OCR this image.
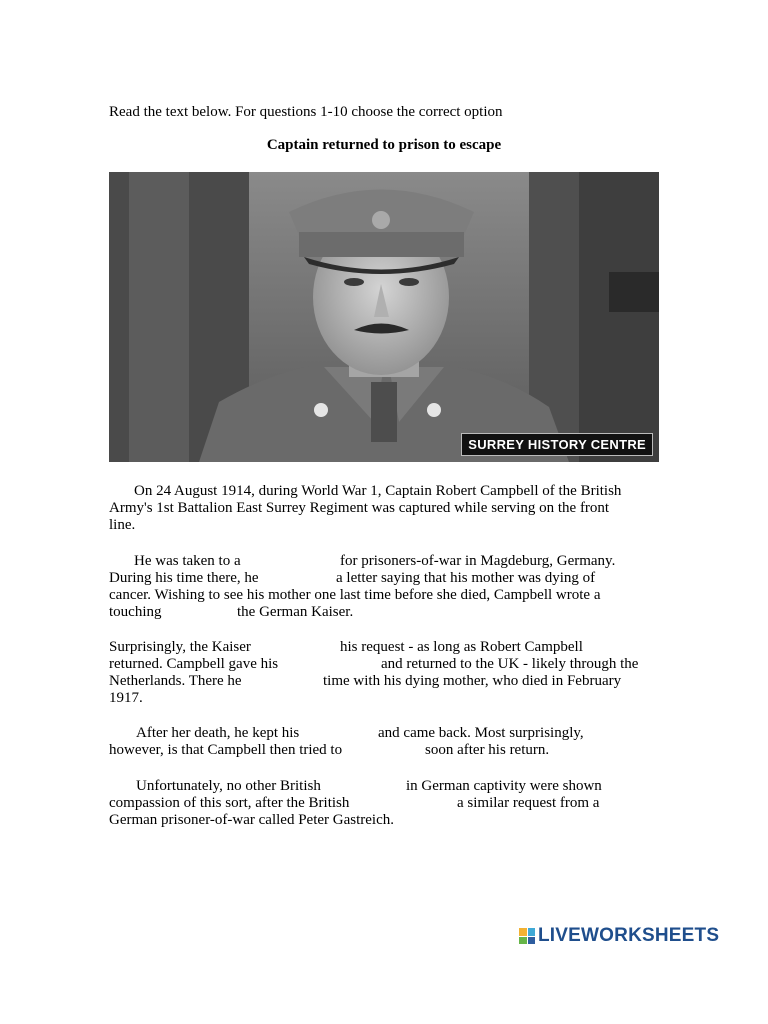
Read the text below. For questions 1-10 choose the correct option
Captain returned to prison to escape
SURREY HISTORY CENTRE
On 24 August 1914, during World War 1, Captain Robert Campbell of the British
Army's 1st Battalion East Surrey Regiment was captured while serving on the front
line.
He was taken to a	for prisoners-of-war in Magdeburg, Germany.
During his time there, he	a letter saying that his mother was dying of
cancer. Wishing to see his mother one last time before she died, Campbell wrote a
touching	the German Kaiser.
Surprisingly, the Kaiser	his request - as long as Robert Campbell
returned. Campbell gave his	and returned to the UK - likely through the
Netherlands. There he	time with his dying mother, who died in February
1917.
After her death, he kept his	and came back. Most surprisingly,
however, is that Campbell then tried to	soon after his return.
Unfortunately, no other British	in German captivity were shown
compassion of this sort, after the British	a similar request from a
German prisoner-of-war called Peter Gastreich.
LIVEWORKSHEETS
